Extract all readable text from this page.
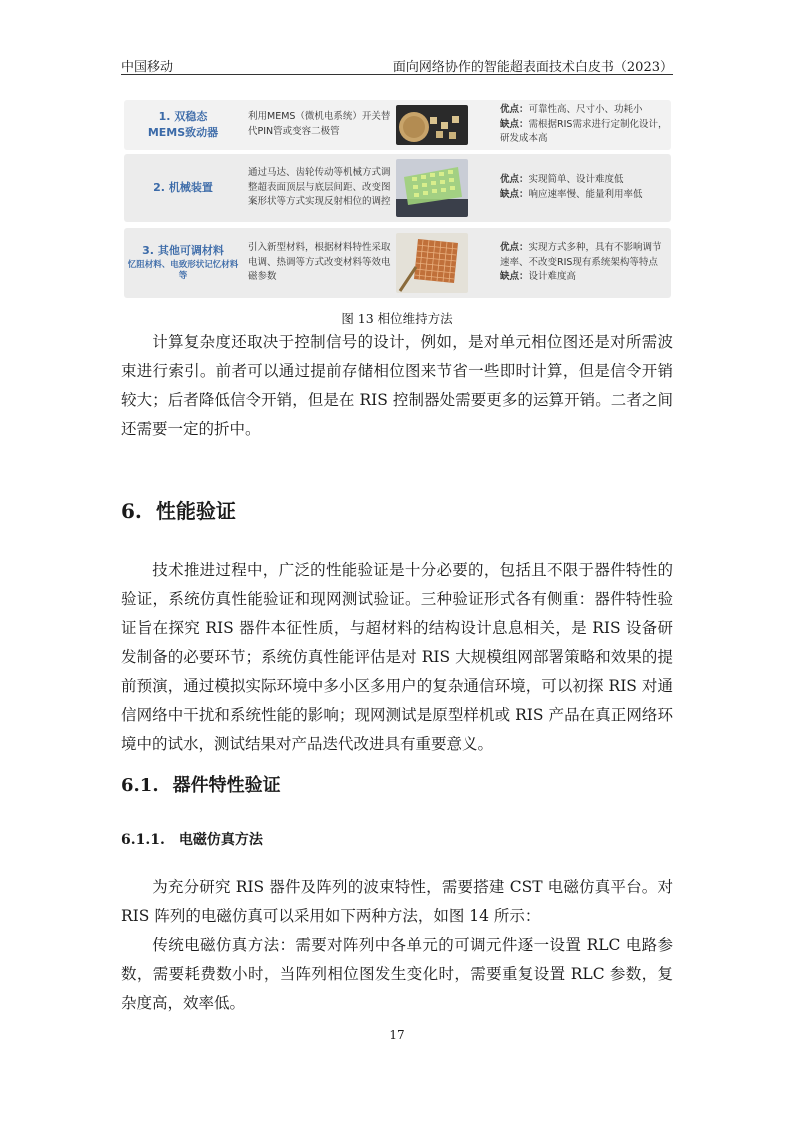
中国移动	面向网络协作的智能超表面技术白皮书（2023）
1. 双稳态
MEMS致动器
利用MEMS（微机电系统）开关替代PIN管或变容二极管
优点：可靠性高、尺寸小、功耗小
缺点：需根据RIS需求进行定制化设计，研发成本高
2. 机械装置
通过马达、齿轮传动等机械方式调整超表面顶层与底层间距、改变图案形状等方式实现反射相位的调控
优点：实现简单、设计难度低
缺点：响应速率慢、能量利用率低
3. 其他可调材料
忆阻材料、电致形状记忆材料等
引入新型材料，根据材料特性采取电调、热调等方式改变材料等效电磁参数
优点：实现方式多种，具有不影响调节速率、不改变RIS现有系统架构等特点
缺点：设计难度高
图 13 相位维持方法
计算复杂度还取决于控制信号的设计，例如，是对单元相位图还是对所需波束进行索引。前者可以通过提前存储相位图来节省一些即时计算，但是信令开销较大；后者降低信令开销，但是在 RIS 控制器处需要更多的运算开销。二者之间还需要一定的折中。
6. 性能验证
技术推进过程中，广泛的性能验证是十分必要的，包括且不限于器件特性的验证，系统仿真性能验证和现网测试验证。三种验证形式各有侧重：器件特性验证旨在探究 RIS 器件本征性质，与超材料的结构设计息息相关，是 RIS 设备研发制备的必要环节；系统仿真性能评估是对 RIS 大规模组网部署策略和效果的提前预演，通过模拟实际环境中多小区多用户的复杂通信环境，可以初探 RIS 对通信网络中干扰和系统性能的影响；现网测试是原型样机或 RIS 产品在真正网络环境中的试水，测试结果对产品迭代改进具有重要意义。
6.1. 器件特性验证
6.1.1. 电磁仿真方法
为充分研究 RIS 器件及阵列的波束特性，需要搭建 CST 电磁仿真平台。对 RIS 阵列的电磁仿真可以采用如下两种方法，如图 14 所示：
传统电磁仿真方法：需要对阵列中各单元的可调元件逐一设置 RLC 电路参数，需要耗费数小时，当阵列相位图发生变化时，需要重复设置 RLC 参数，复杂度高，效率低。
17
